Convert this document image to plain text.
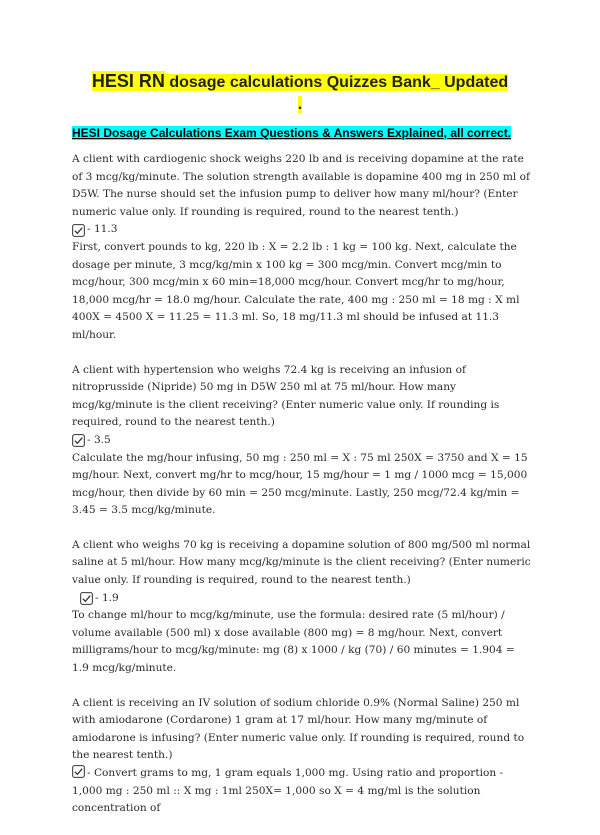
HESI RN dosage calculations Quizzes Bank_ Updated
.
HESI Dosage Calculations Exam Questions & Answers Explained, all correct.

A client with cardiogenic shock weighs 220 lb and is receiving dopamine at the rate of 3 mcg/kg/minute. The solution strength available is dopamine 400 mg in 250 ml of D5W. The nurse should set the infusion pump to deliver how many ml/hour? (Enter numeric value only. If rounding is required, round to the nearest tenth.)

- 11.3

First, convert pounds to kg, 220 lb : X = 2.2 lb : 1 kg = 100 kg. Next, calculate the dosage per minute, 3 mcg/kg/min x 100 kg = 300 mcg/min. Convert mcg/min to mcg/hour, 300 mcg/min x 60 min=18,000 mcg/hour. Convert mcg/hr to mg/hour, 18,000 mcg/hr = 18.0 mg/hour. Calculate the rate, 400 mg : 250 ml = 18 mg : X ml 400X = 4500 X = 11.25 = 11.3 ml. So, 18 mg/11.3 ml should be infused at 11.3 ml/hour.

A client with hypertension who weighs 72.4 kg is receiving an infusion of nitroprusside (Nipride) 50 mg in D5W 250 ml at 75 ml/hour. How many mcg/kg/minute is the client receiving? (Enter numeric value only. If rounding is required, round to the nearest tenth.)

- 3.5

Calculate the mg/hour infusing, 50 mg : 250 ml = X : 75 ml 250X = 3750 and X = 15 mg/hour. Next, convert mg/hr to mcg/hour, 15 mg/hour = 1 mg / 1000 mcg = 15,000 mcg/hour, then divide by 60 min = 250 mcg/minute. Lastly, 250 mcg/72.4 kg/min = 3.45 = 3.5 mcg/kg/minute.

A client who weighs 70 kg is receiving a dopamine solution of 800 mg/500 ml normal saline at 5 ml/hour. How many mcg/kg/minute is the client receiving? (Enter numeric value only. If rounding is required, round to the nearest tenth.)

- 1.9

To change ml/hour to mcg/kg/minute, use the formula: desired rate (5 ml/hour) / volume available (500 ml) x dose available (800 mg) = 8 mg/hour. Next, convert milligrams/hour to mcg/kg/minute: mg (8) x 1000 / kg (70) / 60 minutes = 1.904 = 1.9 mcg/kg/minute.

A client is receiving an IV solution of sodium chloride 0.9% (Normal Saline) 250 ml with amiodarone (Cordarone) 1 gram at 17 ml/hour. How many mg/minute of amiodarone is infusing? (Enter numeric value only. If rounding is required, round to the nearest tenth.)

- Convert grams to mg, 1 gram equals 1,000 mg. Using ratio and proportion - 1,000 mg : 250 ml :: X mg : 1ml 250X= 1,000 so X = 4 mg/ml is the solution concentration of
